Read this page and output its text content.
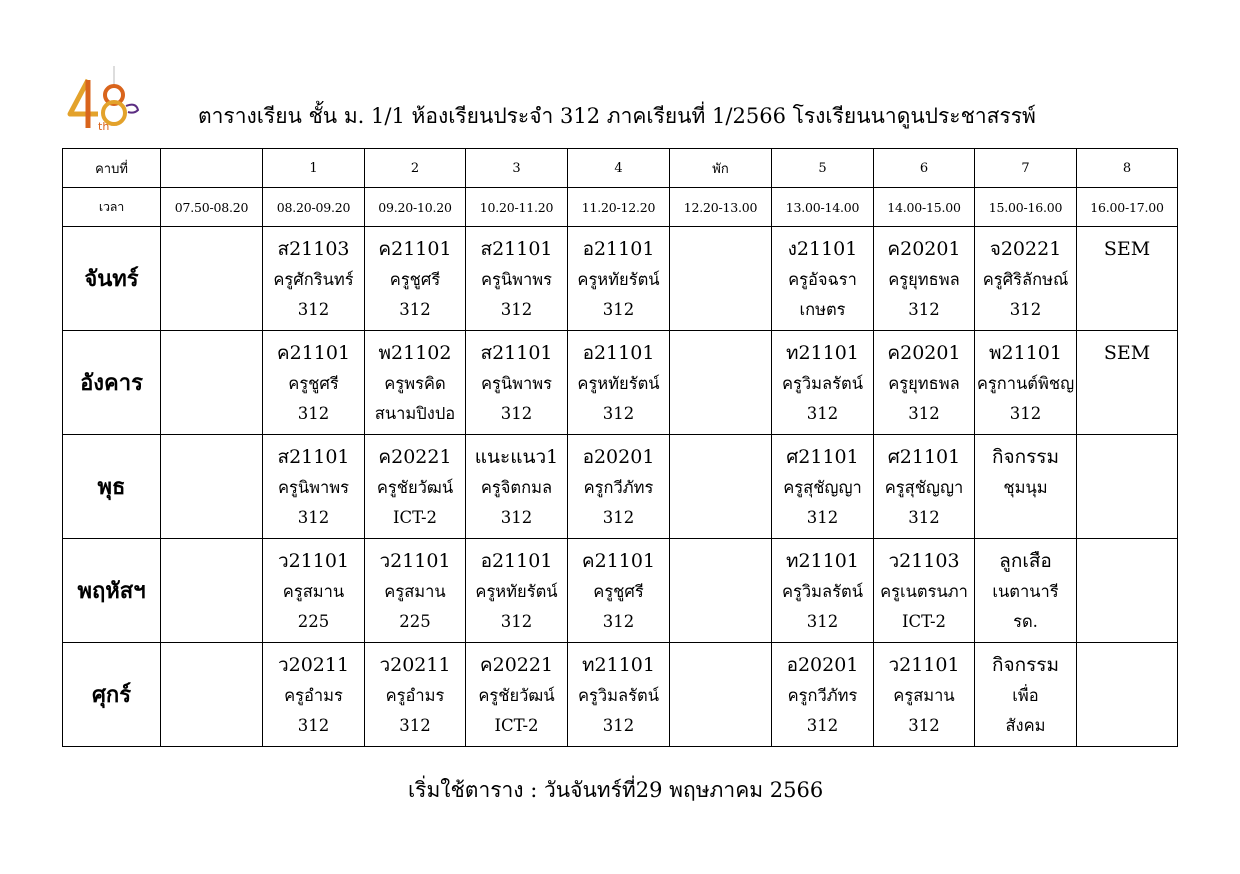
th	ตารางเรียน ชั้น ม. 1/1 ห้องเรียนประจำ 312 ภาคเรียนที่ 1/2566 โรงเรียนนาดูนประชาสรรพ์
คาบที่		1	2	3	4	พัก	5	6	7	8
เวลา	07.50-08.20	08.20-09.20	09.20-10.20	10.20-11.20	11.20-12.20	12.20-13.00	13.00-14.00	14.00-15.00	15.00-16.00	16.00-17.00
จันทร์		ส21103
ครูศักรินทร์
312	ค21101
ครูชูศรี
312	ส21101
ครูนิพาพร
312	อ21101
ครูหทัยรัตน์
312		ง21101
ครูอัจฉรา
เกษตร	ค20201
ครูยุทธพล
312	จ20221
ครูศิริลักษณ์
312	SEM

อังคาร		ค21101
ครูชูศรี
312	พ21102
ครูพรคิด
สนามปิงปอ	ส21101
ครูนิพาพร
312	อ21101
ครูหทัยรัตน์
312		ท21101
ครูวิมลรัตน์
312	ค20201
ครูยุทธพล
312	พ21101
ครูกานต์พิชญ
312	SEM

พุธ		ส21101
ครูนิพาพร
312	ค20221
ครูชัยวัฒน์
ICT-2	แนะแนว1
ครูจิตกมล
312	อ20201
ครูกวีภัทร
312		ศ21101
ครูสุชัญญา
312	ศ21101
ครูสุชัญญา
312	กิจกรรม
ชุมนุม	

พฤหัสฯ		ว21101
ครูสมาน
225	ว21101
ครูสมาน
225	อ21101
ครูหทัยรัตน์
312	ค21101
ครูชูศรี
312		ท21101
ครูวิมลรัตน์
312	ว21103
ครูเนตรนภา
ICT-2	ลูกเสือ
เนตานารี
รด.	

ศุกร์		ว20211
ครูอำมร
312	ว20211
ครูอำมร
312	ค20221
ครูชัยวัฒน์
ICT-2	ท21101
ครูวิมลรัตน์
312		อ20201
ครูกวีภัทร
312	ว21101
ครูสมาน
312	กิจกรรม
เพื่อ
สังคม	

เริ่มใช้ตาราง : วันจันทร์ที่29 พฤษภาคม 2566
